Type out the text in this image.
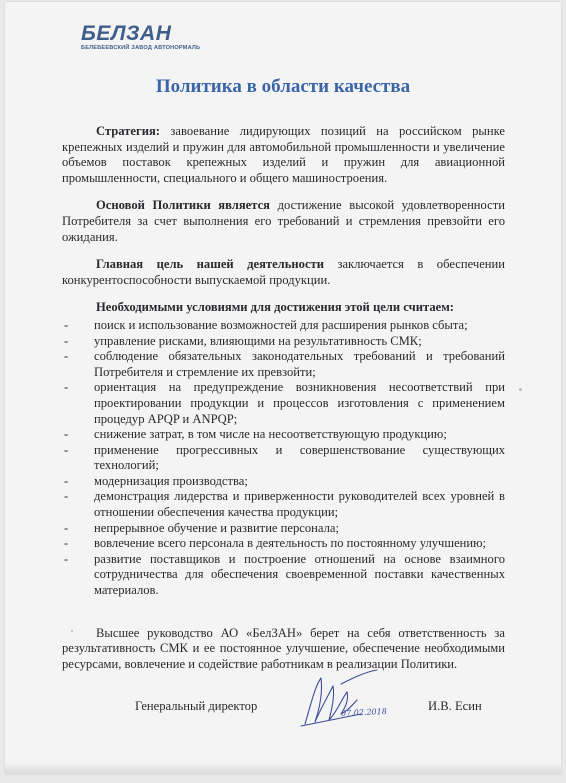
БЕЛЗАН
БЕЛЕБЕЕВСКИЙ ЗАВОД АВТОНОРМАЛЬ
Политика в области качества

Стратегия: завоевание лидирующих позиций на российском рынке крепежных изделий и пружин для автомобильной промышленности и увеличение объемов поставок крепежных изделий и пружин для авиационной промышленности, специального и общего машиностроения.

Основой Политики является достижение высокой удовлетворенности Потребителя за счет выполнения его требований и стремления превзойти его ожидания.

Главная цель нашей деятельности заключается в обеспечении конкурентоспособности выпускаемой продукции.

Необходимыми условиями для достижения этой цели считаем:

- поиск и использование возможностей для расширения рынков сбыта;
- управление рисками, влияющими на результативность СМК;
- соблюдение обязательных законодательных требований и требований Потребителя и стремление их превзойти;
- ориентация на предупреждение возникновения несоответствий при проектировании продукции и процессов изготовления с применением процедур APQP и ANPQP;
- снижение затрат, в том числе на несоответствующую продукцию;
- применение прогрессивных и совершенствование существующих технологий;
- модернизация производства;
- демонстрация лидерства и приверженности руководителей всех уровней в отношении обеспечения качества продукции;
- непрерывное обучение и развитие персонала;
- вовлечение всего персонала в деятельность по постоянному улучшению;
- развитие поставщиков и построение отношений на основе взаимного сотрудничества для обеспечения своевременной поставки качественных материалов.

Высшее руководство АО «БелЗАН» берет на себя ответственность за результативность СМК и ее постоянное улучшение, обеспечение необходимыми ресурсами, вовлечение и содействие работникам в реализации Политики.

Генеральный директор	И.В. Есин
07.02.2018
